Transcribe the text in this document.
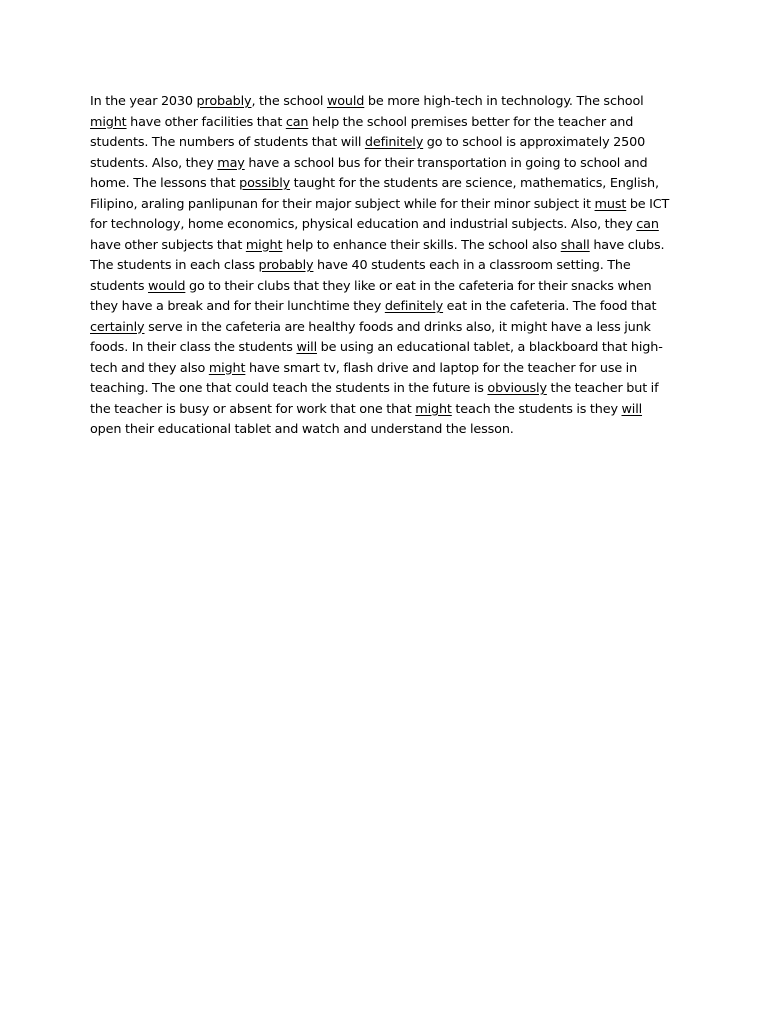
In the year 2030 probably, the school would be more high-tech in technology. The school might have other facilities that can help the school premises better for the teacher and students. The numbers of students that will definitely go to school is approximately 2500 students. Also, they may have a school bus for their transportation in going to school and home. The lessons that possibly taught for the students are science, mathematics, English, Filipino, araling panlipunan for their major subject while for their minor subject it must be ICT for technology, home economics, physical education and industrial subjects. Also, they can have other subjects that might help to enhance their skills. The school also shall have clubs. The students in each class probably have 40 students each in a classroom setting. The students would go to their clubs that they like or eat in the cafeteria for their snacks when they have a break and for their lunchtime they definitely eat in the cafeteria. The food that certainly serve in the cafeteria are healthy foods and drinks also, it might have a less junk foods. In their class the students will be using an educational tablet, a blackboard that high-tech and they also might have smart tv, flash drive and laptop for the teacher for use in teaching. The one that could teach the students in the future is obviously the teacher but if the teacher is busy or absent for work that one that might teach the students is they will open their educational tablet and watch and understand the lesson.
